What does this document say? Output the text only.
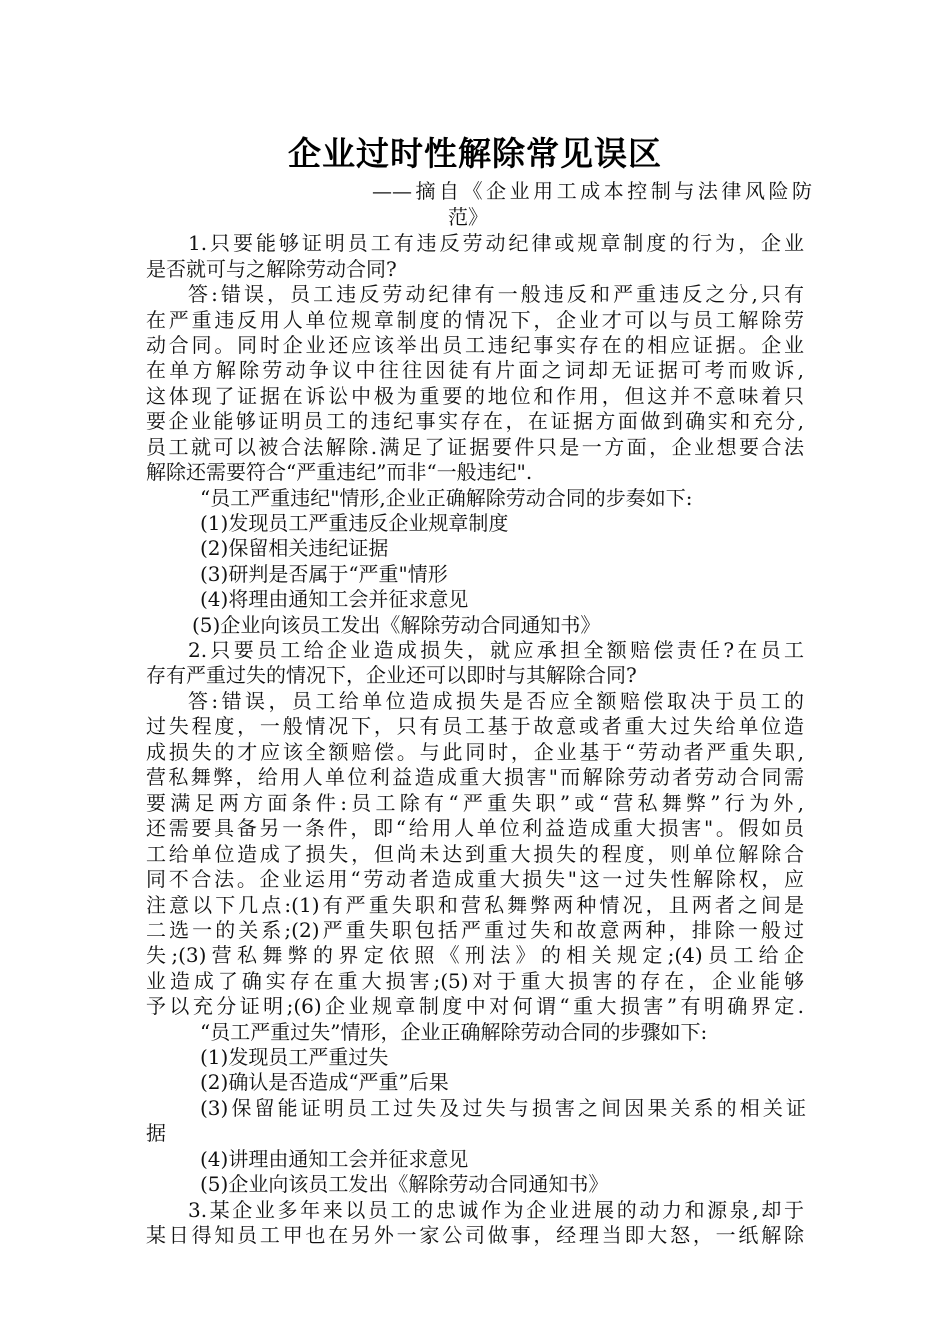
企业过时性解除常见误区
——摘自《企业用工成本控制与法律风险防
范》
1.只要能够证明员工有违反劳动纪律或规章制度的行为，企业
是否就可与之解除劳动合同?
答:错误，员工违反劳动纪律有一般违反和严重违反之分,只有
在严重违反用人单位规章制度的情况下，企业才可以与员工解除劳
动合同。同时企业还应该举出员工违纪事实存在的相应证据。企业
在单方解除劳动争议中往往因徒有片面之词却无证据可考而败诉,
这体现了证据在诉讼中极为重要的地位和作用，但这并不意味着只
要企业能够证明员工的违纪事实存在，在证据方面做到确实和充分,
员工就可以被合法解除.满足了证据要件只是一方面，企业想要合法
解除还需要符合“严重违纪”而非“一般违纪".
“员工严重违纪"情形,企业正确解除劳动合同的步奏如下:
(1)发现员工严重违反企业规章制度
(2)保留相关违纪证据
(3)研判是否属于“严重"情形
(4)将理由通知工会并征求意见
(5)企业向该员工发出《解除劳动合同通知书》
2.只要员工给企业造成损失，就应承担全额赔偿责任?在员工
存有严重过失的情况下，企业还可以即时与其解除合同?
答:错误，员工给单位造成损失是否应全额赔偿取决于员工的
过失程度，一般情况下，只有员工基于故意或者重大过失给单位造
成损失的才应该全额赔偿。与此同时，企业基于“劳动者严重失职,
营私舞弊，给用人单位利益造成重大损害"而解除劳动者劳动合同需
要满足两方面条件:员工除有“严重失职”或“营私舞弊”行为外,
还需要具备另一条件，即“给用人单位利益造成重大损害"。假如员
工给单位造成了损失，但尚未达到重大损失的程度，则单位解除合
同不合法。企业运用“劳动者造成重大损失"这一过失性解除权，应
注意以下几点:(1)有严重失职和营私舞弊两种情况，且两者之间是
二选一的关系;(2)严重失职包括严重过失和故意两种，排除一般过
失;(3)营私舞弊的界定依照《刑法》的相关规定;(4)员工给企
业造成了确实存在重大损害;(5)对于重大损害的存在，企业能够
予以充分证明;(6)企业规章制度中对何谓“重大损害”有明确界定.
“员工严重过失”情形，企业正确解除劳动合同的步骤如下:
(1)发现员工严重过失
(2)确认是否造成“严重”后果
(3)保留能证明员工过失及过失与损害之间因果关系的相关证
据
(4)讲理由通知工会并征求意见
(5)企业向该员工发出《解除劳动合同通知书》
3.某企业多年来以员工的忠诚作为企业进展的动力和源泉,却于
某日得知员工甲也在另外一家公司做事，经理当即大怒，一纸解除
